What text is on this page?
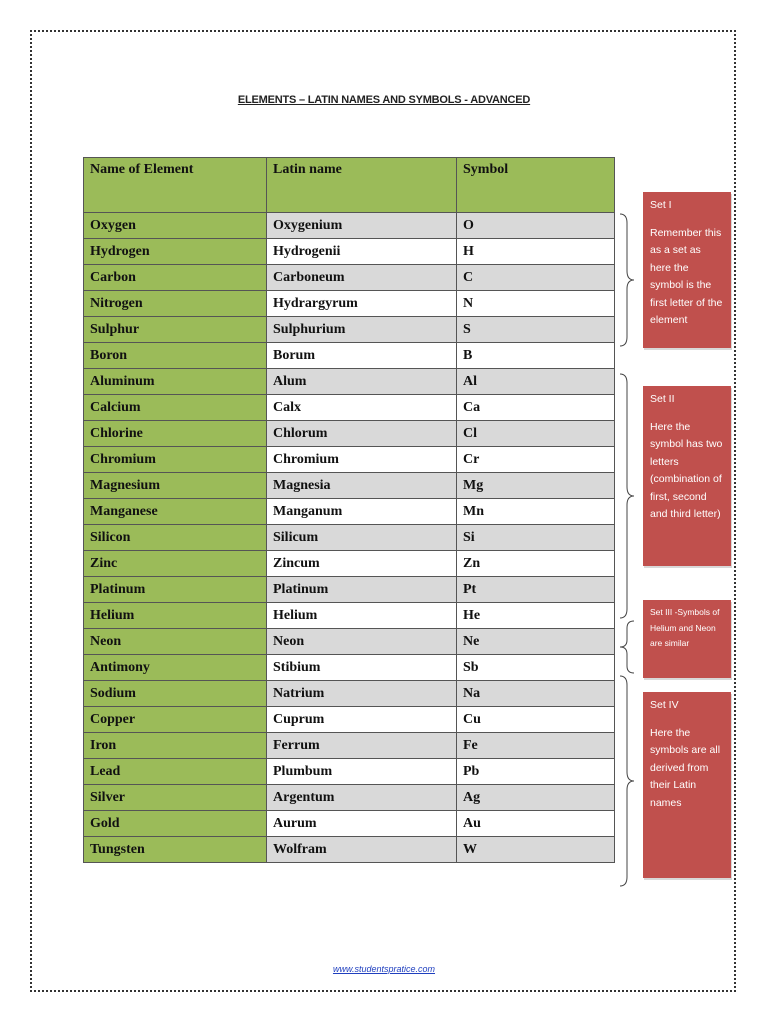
ELEMENTS – LATIN NAMES AND SYMBOLS - ADVANCED
Name of Element	Latin name	Symbol
Oxygen	Oxygenium	O
Hydrogen	Hydrogenii	H
Carbon	Carboneum	C
Nitrogen	Hydrargyrum	N
Sulphur	Sulphurium	S
Boron	Borum	B
Aluminum	Alum	Al
Calcium	Calx	Ca
Chlorine	Chlorum	Cl
Chromium	Chromium	Cr
Magnesium	Magnesia	Mg
Manganese	Manganum	Mn
Silicon	Silicum	Si
Zinc	Zincum	Zn
Platinum	Platinum	Pt
Helium	Helium	He
Neon	Neon	Ne
Antimony	Stibium	Sb
Sodium	Natrium	Na
Copper	Cuprum	Cu
Iron	Ferrum	Fe
Lead	Plumbum	Pb
Silver	Argentum	Ag
Gold	Aurum	Au
Tungsten	Wolfram	W
Set I
Remember this as a set as here the symbol is the first letter of the element
Set II
Here the symbol has two letters (combination of first, second and third letter)
Set III -Symbols of Helium and Neon are similar
Set IV
Here the symbols are all derived from their Latin names
www.studentspratice.com
